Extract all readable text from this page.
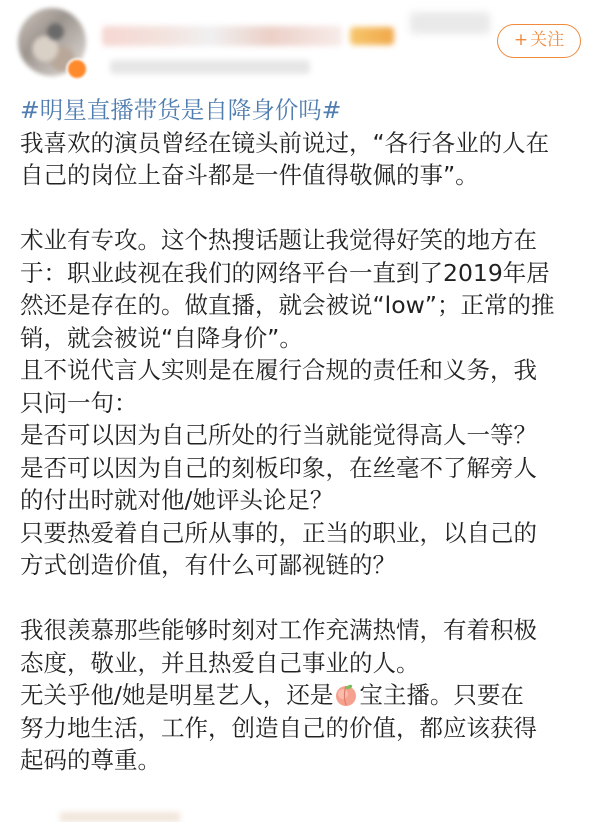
+ 关注

#明星直播带货是自降身价吗#

我喜欢的演员曾经在镜头前说过，“各行各业的人在

自己的岗位上奋斗都是一件值得敬佩的事”。

术业有专攻。这个热搜话题让我觉得好笑的地方在

于：职业歧视在我们的网络平台一直到了2019年居

然还是存在的。做直播，就会被说“low”；正常的推

销，就会被说“自降身价”。

且不说代言人实则是在履行合规的责任和义务，我

只问一句：

是否可以因为自己所处的行当就能觉得高人一等？

是否可以因为自己的刻板印象，在丝毫不了解旁人

的付出时就对他/她评头论足？

只要热爱着自己所从事的，正当的职业，以自己的

方式创造价值，有什么可鄙视链的？

我很羡慕那些能够时刻对工作充满热情，有着积极

态度，敬业，并且热爱自己事业的人。

无关乎他/她是明星艺人，还是 宝主播。只要在

努力地生活，工作，创造自己的价值，都应该获得

起码的尊重。
